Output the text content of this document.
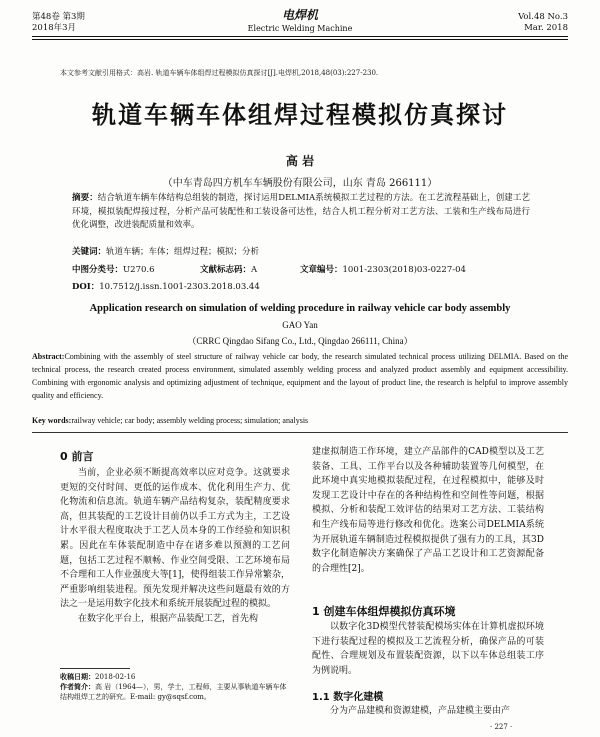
第48卷 第3期
2018年3月
电焊机
Electric Welding Machine
Vol.48 No.3
Mar. 2018
本文参考文献引用格式：高岩. 轨道车辆车体组焊过程模拟仿真探讨[J].电焊机,2018,48(03):227-230.
轨道车辆车体组焊过程模拟仿真探讨
高 岩
（中车青岛四方机车车辆股份有限公司，山东 青岛 266111）
摘要：结合轨道车辆车体结构总组装的制造，探讨运用DELMIA系统模拟工艺过程的方法。在工艺流程基础上，创建工艺环境，模拟装配焊接过程，分析产品可装配性和工装设备可达性，结合人机工程分析对工艺方法、工装和生产线布局进行优化调整，改进装配质量和效率。
关键词：轨道车辆；车体；组焊过程；模拟；分析
中图分类号：U270.6	文献标志码：A	文章编号：1001-2303(2018)03-0227-04
DOI：10.7512/j.issn.1001-2303.2018.03.44
Application research on simulation of welding procedure in railway vehicle car body assembly
GAO Yan
（CRRC Qingdao Sifang Co., Ltd., Qingdao 266111, China）
Abstract:Combining with the assembly of steel structure of railway vehicle car body, the research simulated technical process utilizing DELMIA. Based on the technical process, the research created process environment, simulated assembly welding process and analyzed product assembly and equipment accessibility. Combining with ergonomic analysis and optimizing adjustment of technique, equipment and the layout of product line, the research is helpful to improve assembly quality and efficiency.
Key words:railway vehicle; car body; assembly welding process; simulation; analysis
0 前言

当前，企业必须不断提高效率以应对竞争。这就要求更短的交付时间、更低的运作成本、优化利用生产力、优化物流和信息流。轨道车辆产品结构复杂，装配精度要求高，但其装配的工艺设计目前仍以手工方式为主，工艺设计水平很大程度取决于工艺人员本身的工作经验和知识积累。因此在车体装配制造中存在诸多难以预测的工艺问题，包括工艺过程不顺畅、作业空间受限、工艺环境布局不合理和工人作业强度大等[1]，使得组装工作异常繁杂，严重影响组装进程。预先发现并解决这些问题最有效的方法之一是运用数字化技术和系统开展装配过程的模拟。

在数字化平台上，根据产品装配工艺，首先构

收稿日期：2018-02-16
作者简介：高 岩（1964—），男，学士，工程师，主要从事轨道车辆车体结构组焊工艺的研究。E-mail: gy@sqsf.com。

建虚拟制造工作环境，建立产品部件的CAD模型以及工艺装备、工具、工作平台以及各种辅助装置等几何模型，在此环境中真实地模拟装配过程，在过程模拟中，能够及时发现工艺设计中存在的各种结构性和空间性等问题，根据模拟、分析和装配工效评估的结果对工艺方法、工装结构和生产线布局等进行修改和优化。选案公司DELMIA系统为开展轨道车辆制造过程模拟提供了强有力的工具，其3D数字化制造解决方案确保了产品工艺设计和工艺资源配备的合理性[2]。

1 创建车体组焊模拟仿真环境

以数字化3D模型代替装配模场实体在计算机虚拟环境下进行装配过程的模拟及工艺流程分析，确保产品的可装配性、合理规划及布置装配资源，以下以车体总组装工序为例说明。

1.1 数字化建模

分为产品建模和资源建模，产品建模主要由产

· 227 ·
